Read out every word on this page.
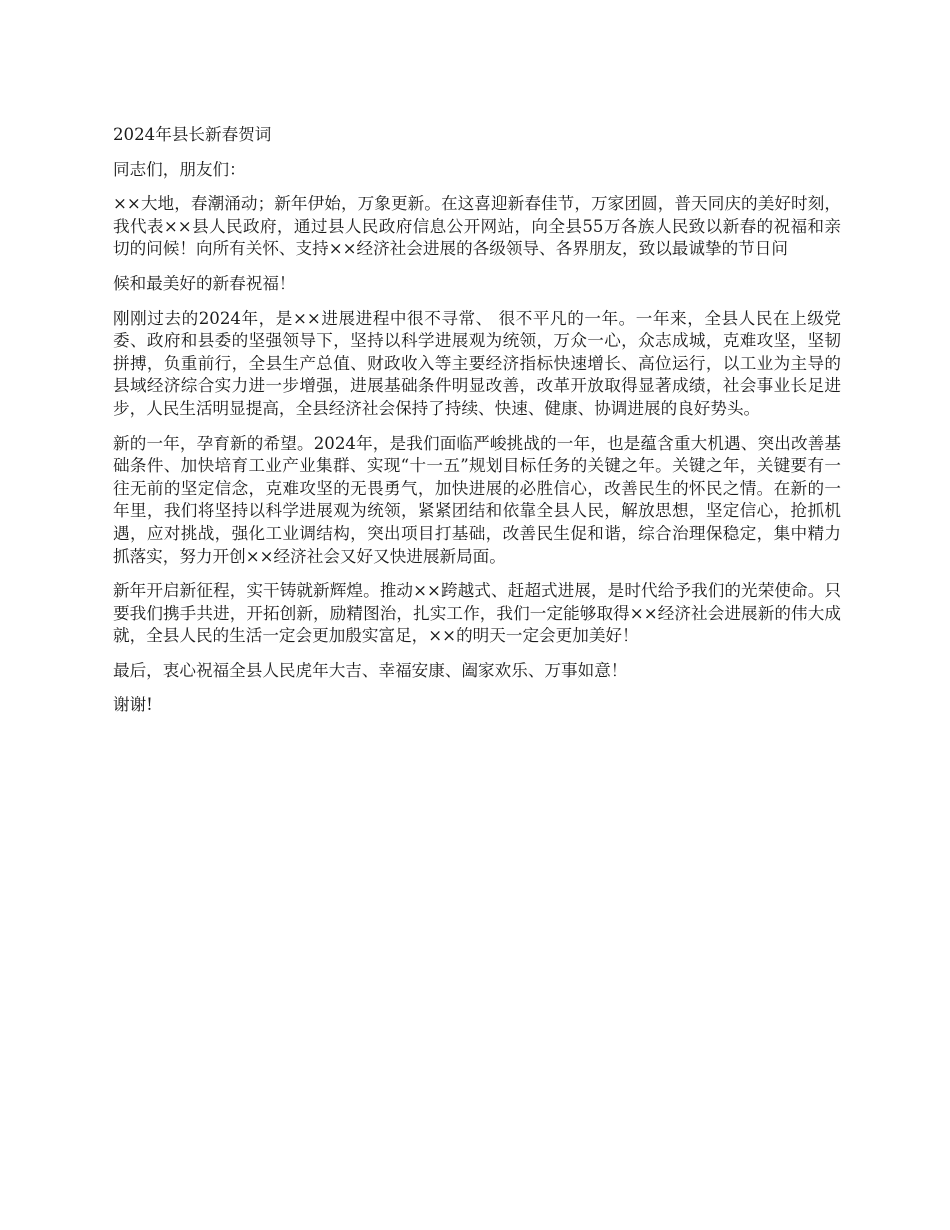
2024年县长新春贺词

同志们，朋友们：

××大地，春潮涌动；新年伊始，万象更新。在这喜迎新春佳节，万家团圆，普天同庆的美好时刻，我代表××县人民政府，通过县人民政府信息公开网站，向全县55万各族人民致以新春的祝福和亲切的问候！向所有关怀、支持××经济社会进展的各级领导、各界朋友，致以最诚挚的节日问

候和最美好的新春祝福！

刚刚过去的2024年，是××进展进程中很不寻常、 很不平凡的一年。一年来，全县人民在上级党委、政府和县委的坚强领导下，坚持以科学进展观为统领，万众一心，众志成城，克难攻坚，坚韧拼搏，负重前行，全县生产总值、财政收入等主要经济指标快速增长、高位运行，以工业为主导的县域经济综合实力进一步增强，进展基础条件明显改善，改革开放取得显著成绩，社会事业长足进步，人民生活明显提高，全县经济社会保持了持续、快速、健康、协调进展的良好势头。

新的一年，孕育新的希望。2024年，是我们面临严峻挑战的一年，也是蕴含重大机遇、突出改善基础条件、加快培育工业产业集群、实现“十一五”规划目标任务的关键之年。关键之年，关键要有一往无前的坚定信念，克难攻坚的无畏勇气，加快进展的必胜信心，改善民生的怀民之情。在新的一年里，我们将坚持以科学进展观为统领，紧紧团结和依靠全县人民，解放思想，坚定信心，抢抓机遇，应对挑战，强化工业调结构，突出项目打基础，改善民生促和谐，综合治理保稳定，集中精力抓落实，努力开创××经济社会又好又快进展新局面。

新年开启新征程，实干铸就新辉煌。推动××跨越式、赶超式进展，是时代给予我们的光荣使命。只要我们携手共进，开拓创新，励精图治，扎实工作，我们一定能够取得××经济社会进展新的伟大成就，全县人民的生活一定会更加殷实富足，××的明天一定会更加美好！

最后，衷心祝福全县人民虎年大吉、幸福安康、阖家欢乐、万事如意！

谢谢!
